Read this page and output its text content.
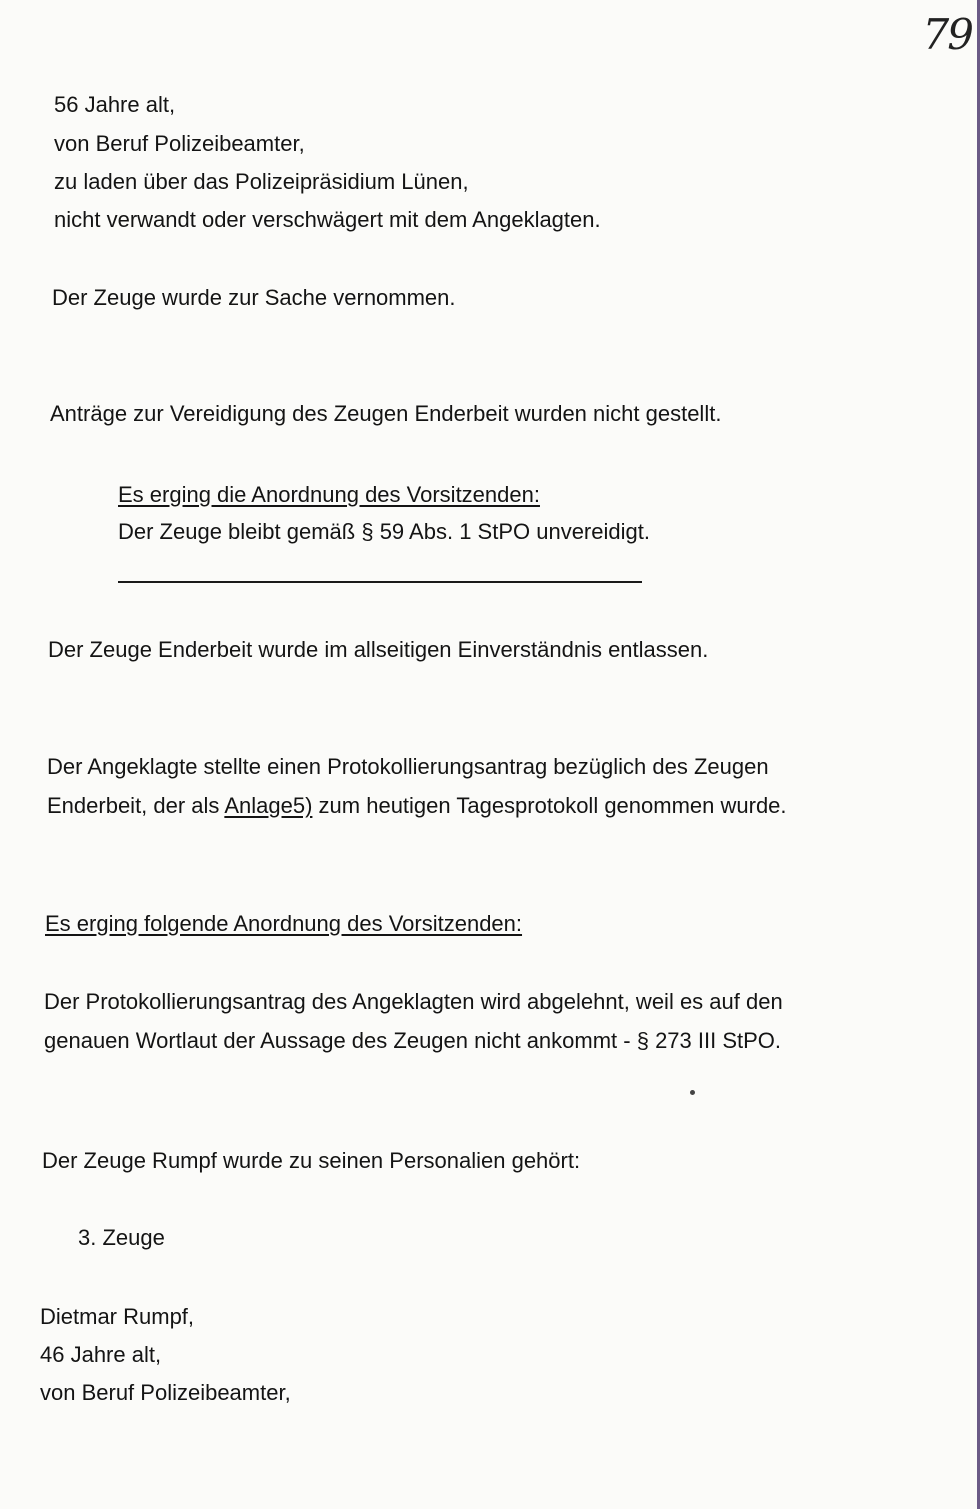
79
56 Jahre alt,
von Beruf Polizeibeamter,
zu laden über das Polizeipräsidium Lünen,
nicht verwandt oder verschwägert mit dem Angeklagten.
Der Zeuge wurde zur Sache vernommen.
Anträge zur Vereidigung des Zeugen Enderbeit wurden nicht gestellt.
Es erging die Anordnung des Vorsitzenden:
Der Zeuge bleibt gemäß § 59 Abs. 1 StPO unvereidigt.
Der Zeuge Enderbeit wurde im allseitigen Einverständnis entlassen.
Der Angeklagte stellte einen Protokollierungsantrag bezüglich des Zeugen
Enderbeit, der als Anlage5) zum heutigen Tagesprotokoll genommen wurde.
Es erging folgende Anordnung des Vorsitzenden:
Der Protokollierungsantrag des Angeklagten wird abgelehnt, weil es auf den
genauen Wortlaut der Aussage des Zeugen nicht ankommt - § 273 III StPO.
Der Zeuge Rumpf wurde zu seinen Personalien gehört:
3. Zeuge
Dietmar Rumpf,
46 Jahre alt,
von Beruf Polizeibeamter,
